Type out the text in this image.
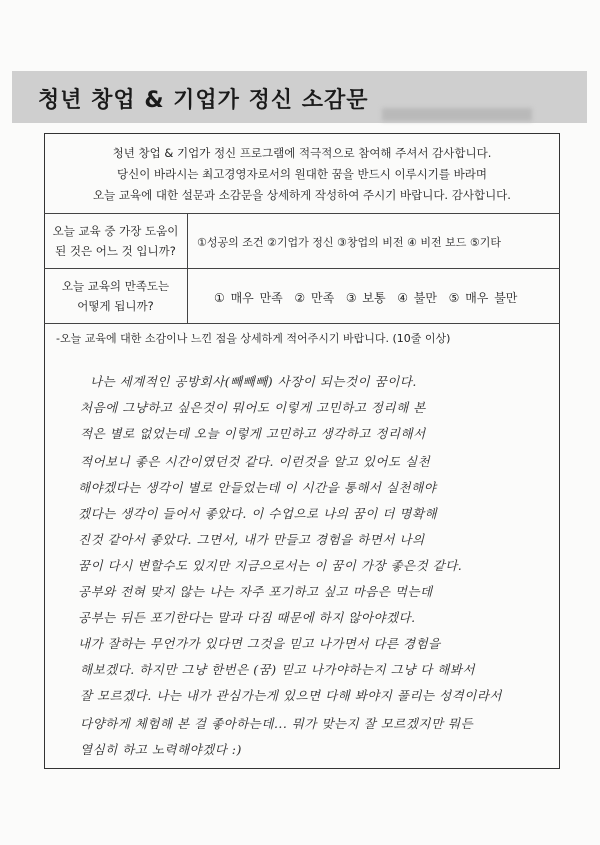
청년 창업 & 기업가 정신 소감문
청년 창업 & 기업가 정신 프로그램에 적극적으로 참여해 주셔서 감사합니다.
당신이 바라시는 최고경영자로서의 원대한 꿈을 반드시 이루시기를 바라며
오늘 교육에 대한 설문과 소감문을 상세하게 작성하여 주시기 바랍니다. 감사합니다.
오늘 교육 중 가장 도움이
된 것은 어느 것 입니까?
①성공의 조건 ②기업가 정신 ③창업의 비전 ④ 비전 보드 ⑤기타
오늘 교육의 만족도는
어떻게 됩니까?
① 매우 만족 ② 만족 ③ 보통 ④ 불만 ⑤ 매우 불만
-오늘 교육에 대한 소감이나 느낀 점을 상세하게 적어주시기 바랍니다. (10줄 이상)
나는 세계적인 공방회사(빼빼빼) 사장이 되는것이 꿈이다.
처음에 그냥하고 싶은것이 뭐어도 이렇게 고민하고 정리해 본
적은 별로 없었는데 오늘 이렇게 고민하고 생각하고 정리해서
적어보니 좋은 시간이였던것 같다. 이런것을 알고 있어도 실천
해야겠다는 생각이 별로 안들었는데 이 시간을 통해서 실천해야
겠다는 생각이 들어서 좋았다. 이 수업으로 나의 꿈이 더 명확해
진것 같아서 좋았다. 그면서, 내가 만들고 경험을 하면서 나의
꿈이 다시 변할수도 있지만 지금으로서는 이 꿈이 가장 좋은것 같다.
공부와 전혀 맞지 않는 나는 자주 포기하고 싶고 마음은 먹는데
공부는 뒤든 포기한다는 말과 다짐 때문에 하지 않아야겠다.
내가 잘하는 무언가가 있다면 그것을 믿고 나가면서 다른 경험을
해보겠다. 하지만 그냥 한번은 (꿈) 믿고 나가야하는지 그냥 다 해봐서
잘 모르겠다. 나는 내가 관심가는게 있으면 다해 봐야지 풀리는 성격이라서
다양하게 체험해 본 걸 좋아하는데... 뭐가 맞는지 잘 모르겠지만 뭐든
열심히 하고 노력해야겠다 :)
